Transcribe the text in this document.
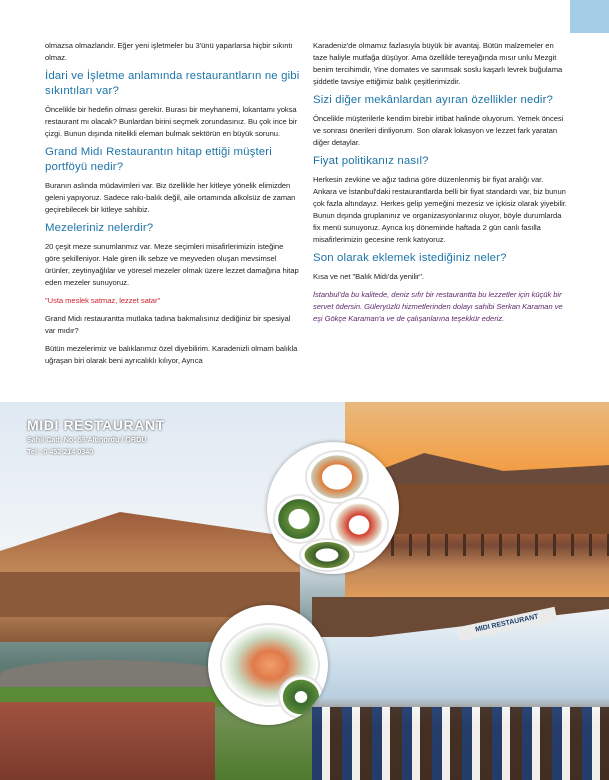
olmazsa olmazlandır. Eğer yeni işletmeler bu 3'ünü yaparlarsa hiçbir sıkıntı olmaz.

İdari ve İşletme anlamında restaurantların ne gibi sıkıntıları var?

Öncelikle bir hedefin olması gerekir. Burası bir meyhanemi, lokantamı yoksa restaurant mı olacak? Bunlardan birini seçmek zorundasınız. Bu çok ince bir çizgi. Bunun dışında nitelikli eleman bulmak sektörün en büyük sorunu.

Grand Midı Restaurantın hitap ettiği müşteri portföyü nedir?

Buranın aslında müdavimleri var. Biz özellikle her kitleye yönelik elimizden geleni yapıyoruz. Sadece rakı-balık değil, aile ortamında alkolsüz de zaman geçirebilecek bir kitleye sahibiz.

Mezeleriniz nelerdir?

20 çeşit meze sunumlanmız var. Meze seçimleri misafirlerimizin isteğine göre şekilleniyor. Hale giren ilk sebze ve meyveden oluşan mevsimsel ürünler, zeytinyağlılar ve yöresel mezeler olmak üzere lezzet damağına hitap eden mezeler sunuyoruz.

"Usta meslek satmaz, lezzet satar"

Grand Midı restaurantta mutlaka tadına bakmalısınız dediğiniz bir spesiyal var mıdır?

Bütün mezelerimiz ve balıklarımız özel diyebilirim. Karadenizli olmam balıkla uğraşan biri olarak beni ayrıcalıklı kılıyor, Ayrıca

Karadeniz'de olmamız fazlasıyla büyük bir avantaj. Bütün malzemeler en taze haliyle mutfağa düşüyor. Ama özellikle tereyağında mısır unlu Mezgit benim tercihimdir, Yine domates ve sarımsak soslu kaşarlı levrek buğulama şiddetle tavsiye ettiğimiz balık çeşitlerimizdir.

Sizi diğer mekânlardan ayıran özellikler nedir?

Öncelikle müşterilerle kendim birebir irtibat halinde oluyorum. Yemek öncesi ve sonrası önerileri dinliyorum. Son olarak lokasyon ve lezzet fark yaratan diğer detaylar.

Fiyat politikanız nasıl?

Herkesin zevkine ve ağız tadına göre düzenlenmiş bir fiyat aralığı var. Ankara ve İstanbul'daki restaurantlarda belli bir fiyat standardı var, biz bunun çok fazla altındayız. Herkes gelip yemeğini mezesiz ve içkisiz olarak yiyebilir. Bunun dışında gruplanınız ve organizasyonlarınız oluyor, böyle durumlarda fix menü sunuyoruz. Ayrıca kış döneminde haftada 2 gün canlı fasılla misafirlerimizin gecesine renk katıyoruz.

Son olarak eklemek istediğiniz neler?

Kısa ve net "Balık Midı'da yenilir".

İstanbul'da bu kalitede, deniz sıfır bir restaurantta bu lezzetler için küçük bir servet ödersin. Güleryüzlü hizmetlerinden dolayı sahibi Serkan Karaman ve eşi Gökçe Karaman'a ve de çalışanlarına teşekkür ederiz.

MIDI RESTAURANT
MIDI RESTAURANT
Sahil Cad. No: 55 Altınordu / ORDU
Tel : 0 452 214 0340
